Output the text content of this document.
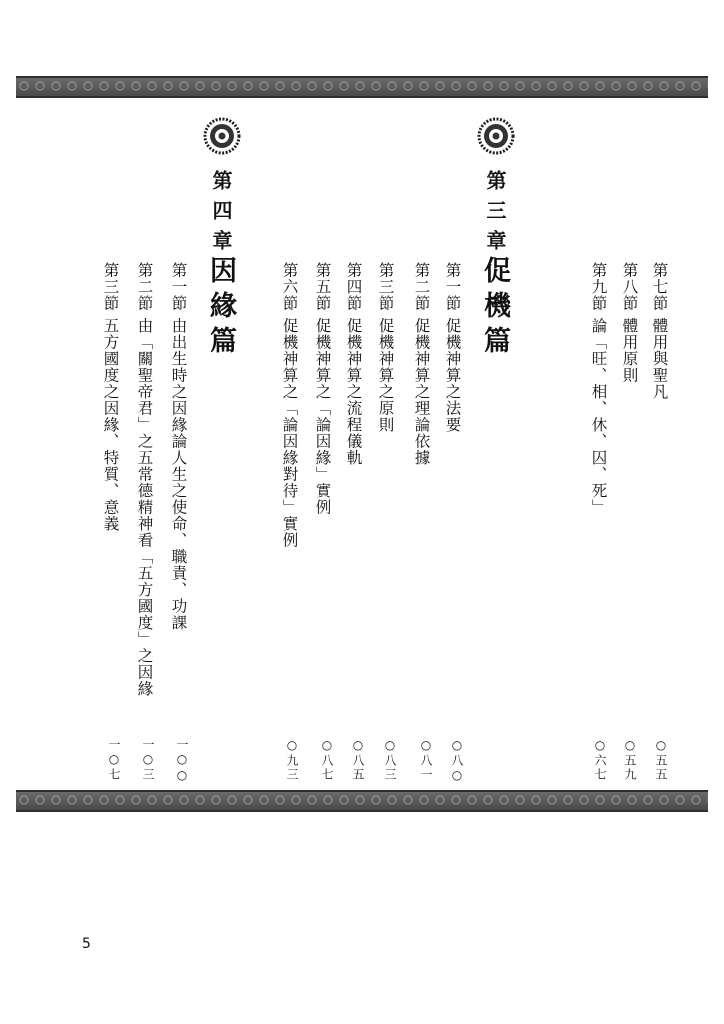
第七節 體用與聖凡
第八節 體用原則
第九節 論「旺、相、休、囚、死」
○五五
○五九
○六七
第三章
促機篇
第一節 促機神算之法要
第二節 促機神算之理論依據
第三節 促機神算之原則
第四節 促機神算之流程儀軌
第五節 促機神算之「論因緣」實例
第六節 促機神算之「論因緣對待」實例
○八○
○八一
○八三
○八五
○八七
○九三
第四章
因緣篇
第一節 由出生時之因緣論人生之使命、職責、功課
第二節 由「關聖帝君」之五常德精神看「五方國度」之因緣
第三節 五方國度之因緣、特質、意義
一○○
一○三
一○七
5
